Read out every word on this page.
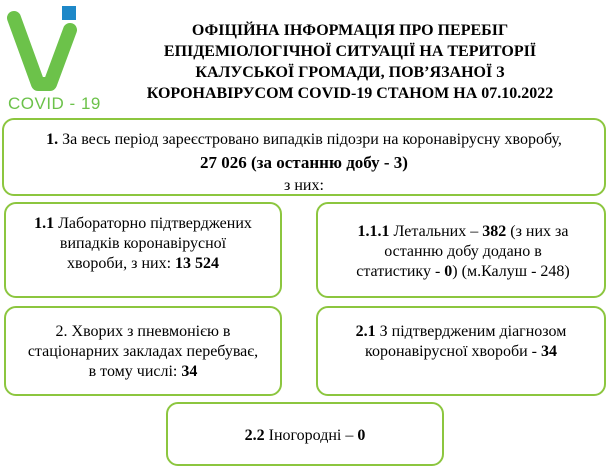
COVID - 19
ОФІЦІЙНА ІНФОРМАЦІЯ ПРО ПЕРЕБІГ
ЕПІДЕМІОЛОГІЧНОЇ СИТУАЦІЇ НА ТЕРИТОРІЇ
КАЛУСЬКОЇ ГРОМАДИ, ПОВ’ЯЗАНОЇ З
КОРОНАВІРУСОМ COVID-19 СТАНОМ НА 07.10.2022
1. За весь період зареєстровано випадків підозри на коронавірусну хворобу,
27 026 (за останню добу - 3)
з них:
1.1 Лабораторно підтверджених
випадків коронавірусної
хвороби, з них: 13 524
1.1.1 Летальних – 382 (з них за
останню добу додано в
статистику - 0) (м.Калуш - 248)
2. Хворих з пневмонією в
стаціонарних закладах перебуває,
в тому числі: 34
2.1 З підтвердженим діагнозом
коронавірусної хвороби - 34
2.2 Іногородні – 0
